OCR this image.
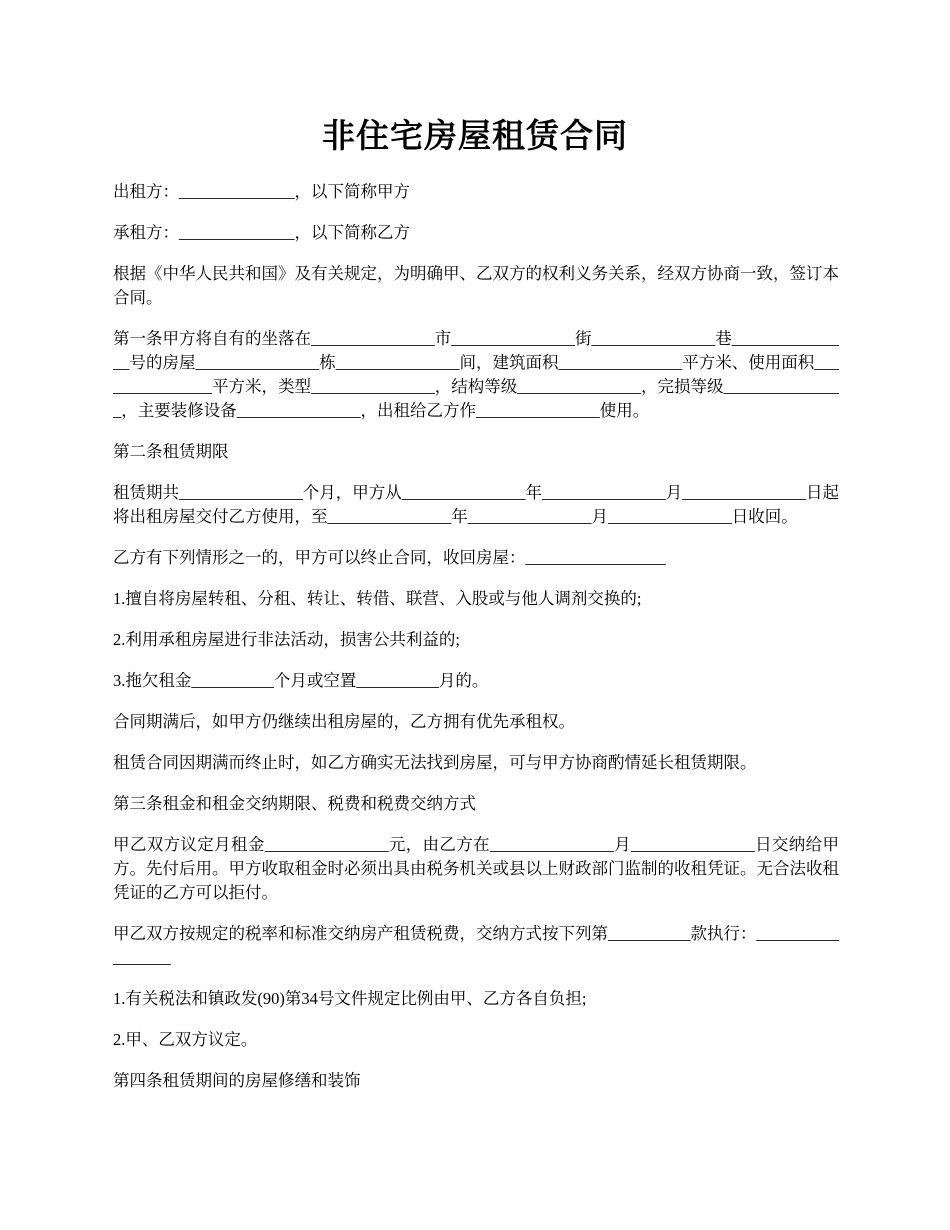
非住宅房屋租赁合同

出租方：______________，以下简称甲方

承租方：______________，以下简称乙方

根据《中华人民共和国》及有关规定，为明确甲、乙双方的权利义务关系，经双方协商一致，签订本合同。

第一条甲方将自有的坐落在_______________市_______________街_______________巷_______________号的房屋_______________栋_______________间，建筑面积_______________平方米、使用面积_______________平方米，类型_______________，结构等级_______________，完损等级_______________，主要装修设备_______________，出租给乙方作_______________使用。

第二条租赁期限

租赁期共_______________个月，甲方从_______________年_______________月_______________日起将出租房屋交付乙方使用，至_______________年_______________月_______________日收回。

乙方有下列情形之一的，甲方可以终止合同，收回房屋：_________________

1.擅自将房屋转租、分租、转让、转借、联营、入股或与他人调剂交换的;

2.利用承租房屋进行非法活动，损害公共利益的;

3.拖欠租金__________个月或空置__________月的。

合同期满后，如甲方仍继续出租房屋的，乙方拥有优先承租权。

租赁合同因期满而终止时，如乙方确实无法找到房屋，可与甲方协商酌情延长租赁期限。

第三条租金和租金交纳期限、税费和税费交纳方式

甲乙双方议定月租金_______________元，由乙方在_______________月_______________日交纳给甲方。先付后用。甲方收取租金时必须出具由税务机关或县以上财政部门监制的收租凭证。无合法收租凭证的乙方可以拒付。

甲乙双方按规定的税率和标准交纳房产租赁税费，交纳方式按下列第__________款执行：_________________

1.有关税法和镇政发(90)第34号文件规定比例由甲、乙方各自负担;

2.甲、乙双方议定。

第四条租赁期间的房屋修缮和装饰
